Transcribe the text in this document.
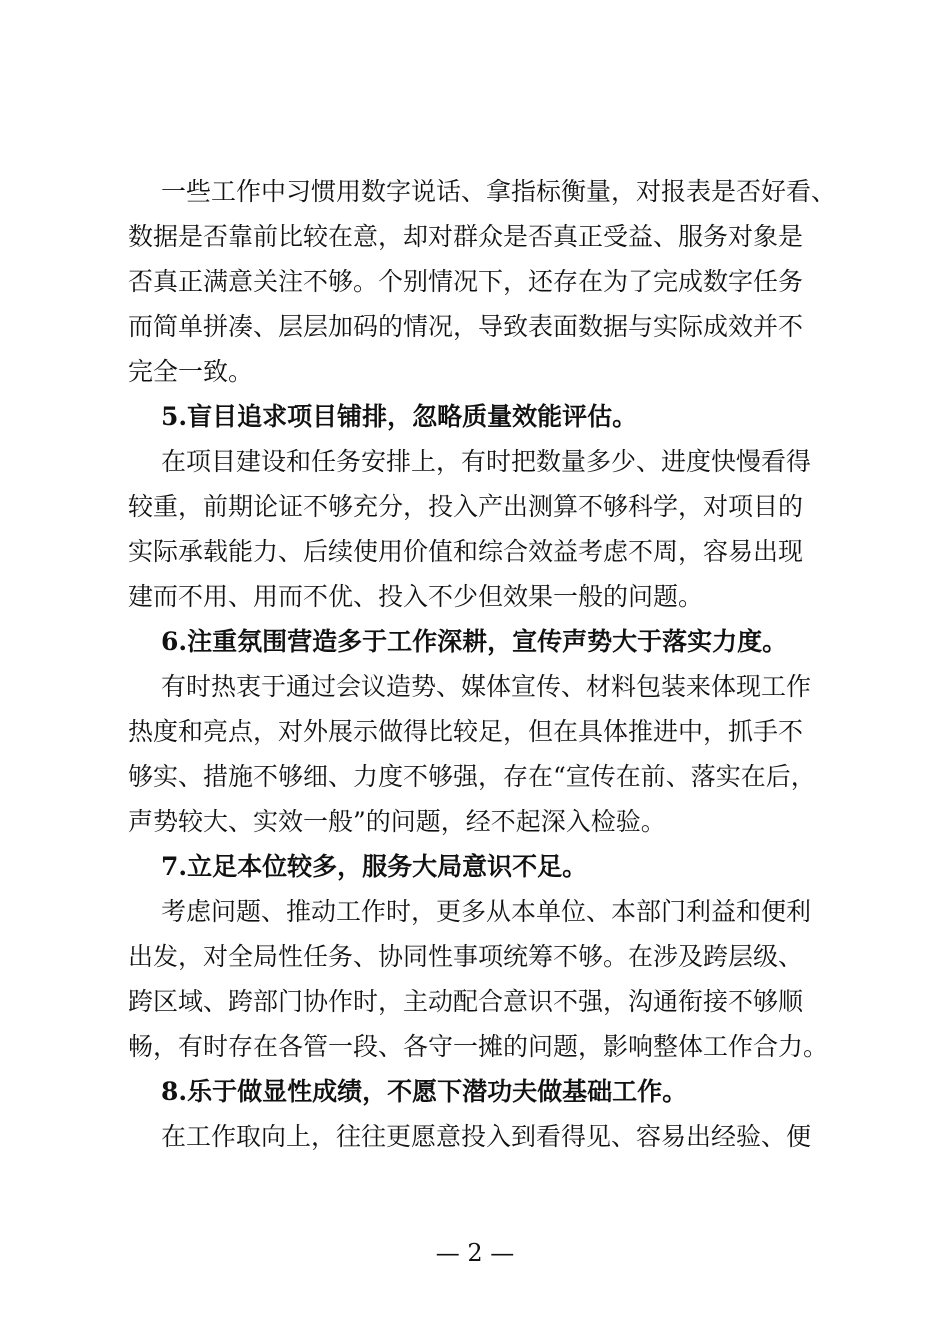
一些工作中习惯用数字说话、拿指标衡量，对报表是否好看、
数据是否靠前比较在意，却对群众是否真正受益、服务对象是
否真正满意关注不够。个别情况下，还存在为了完成数字任务
而简单拼凑、层层加码的情况，导致表面数据与实际成效并不
完全一致。
5.盲目追求项目铺排，忽略质量效能评估。
在项目建设和任务安排上，有时把数量多少、进度快慢看得
较重，前期论证不够充分，投入产出测算不够科学，对项目的
实际承载能力、后续使用价值和综合效益考虑不周，容易出现
建而不用、用而不优、投入不少但效果一般的问题。
6.注重氛围营造多于工作深耕，宣传声势大于落实力度。
有时热衷于通过会议造势、媒体宣传、材料包装来体现工作
热度和亮点，对外展示做得比较足，但在具体推进中，抓手不
够实、措施不够细、力度不够强，存在“宣传在前、落实在后，
声势较大、实效一般”的问题，经不起深入检验。
7.立足本位较多，服务大局意识不足。
考虑问题、推动工作时，更多从本单位、本部门利益和便利
出发，对全局性任务、协同性事项统筹不够。在涉及跨层级、
跨区域、跨部门协作时，主动配合意识不强，沟通衔接不够顺
畅，有时存在各管一段、各守一摊的问题，影响整体工作合力。
8.乐于做显性成绩，不愿下潜功夫做基础工作。
在工作取向上，往往更愿意投入到看得见、容易出经验、便
— 2 —
